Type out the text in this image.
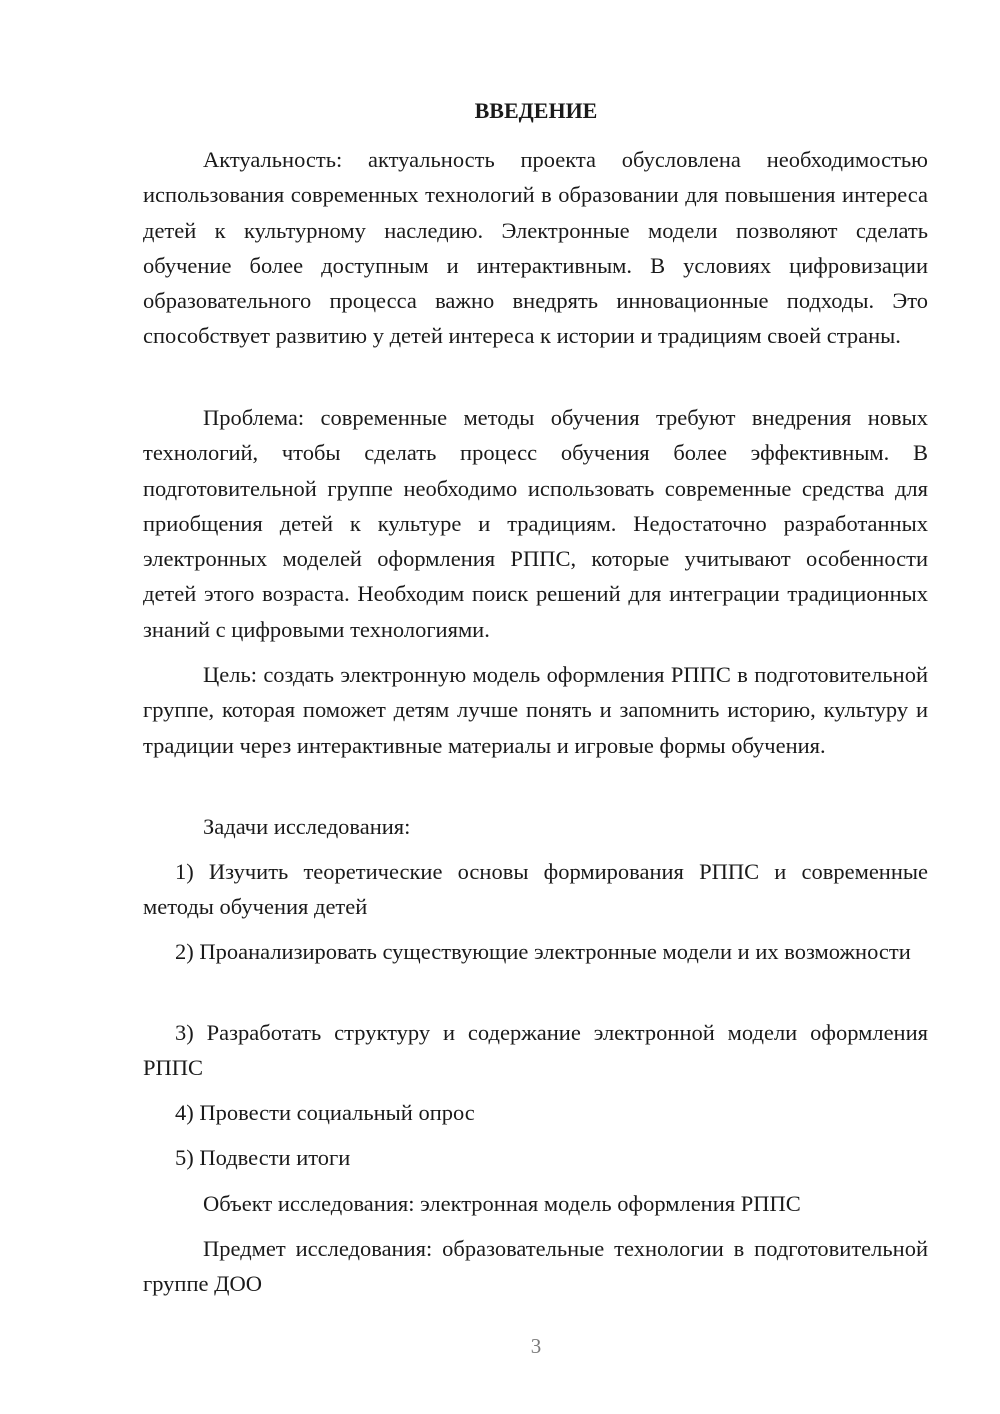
ВВЕДЕНИЕ

Актуальность: актуальность проекта обусловлена необходимостью использования современных технологий в образовании для повышения интереса детей к культурному наследию. Электронные модели позволяют сделать обучение более доступным и интерактивным. В условиях цифровизации образовательного процесса важно внедрять инновационные подходы. Это способствует развитию у детей интереса к истории и традициям своей страны.

Проблема: современные методы обучения требуют внедрения новых технологий, чтобы сделать процесс обучения более эффективным. В подготовительной группе необходимо использовать современные средства для приобщения детей к культуре и традициям. Недостаточно разработанных электронных моделей оформления РППС, которые учитывают особенности детей этого возраста. Необходим поиск решений для интеграции традиционных знаний с цифровыми технологиями.

Цель: создать электронную модель оформления РППС в подготовительной группе, которая поможет детям лучше понять и запомнить историю, культуру и традиции через интерактивные материалы и игровые формы обучения.

Задачи исследования:

1) Изучить теоретические основы формирования РППС и современные методы обучения детей

2) Проанализировать существующие электронные модели и их возможности

3) Разработать структуру и содержание электронной модели оформления РППС

4) Провести социальный опрос

5) Подвести итоги

Объект исследования: электронная модель оформления РППС

Предмет исследования: образовательные технологии в подготовительной группе ДОО

3
